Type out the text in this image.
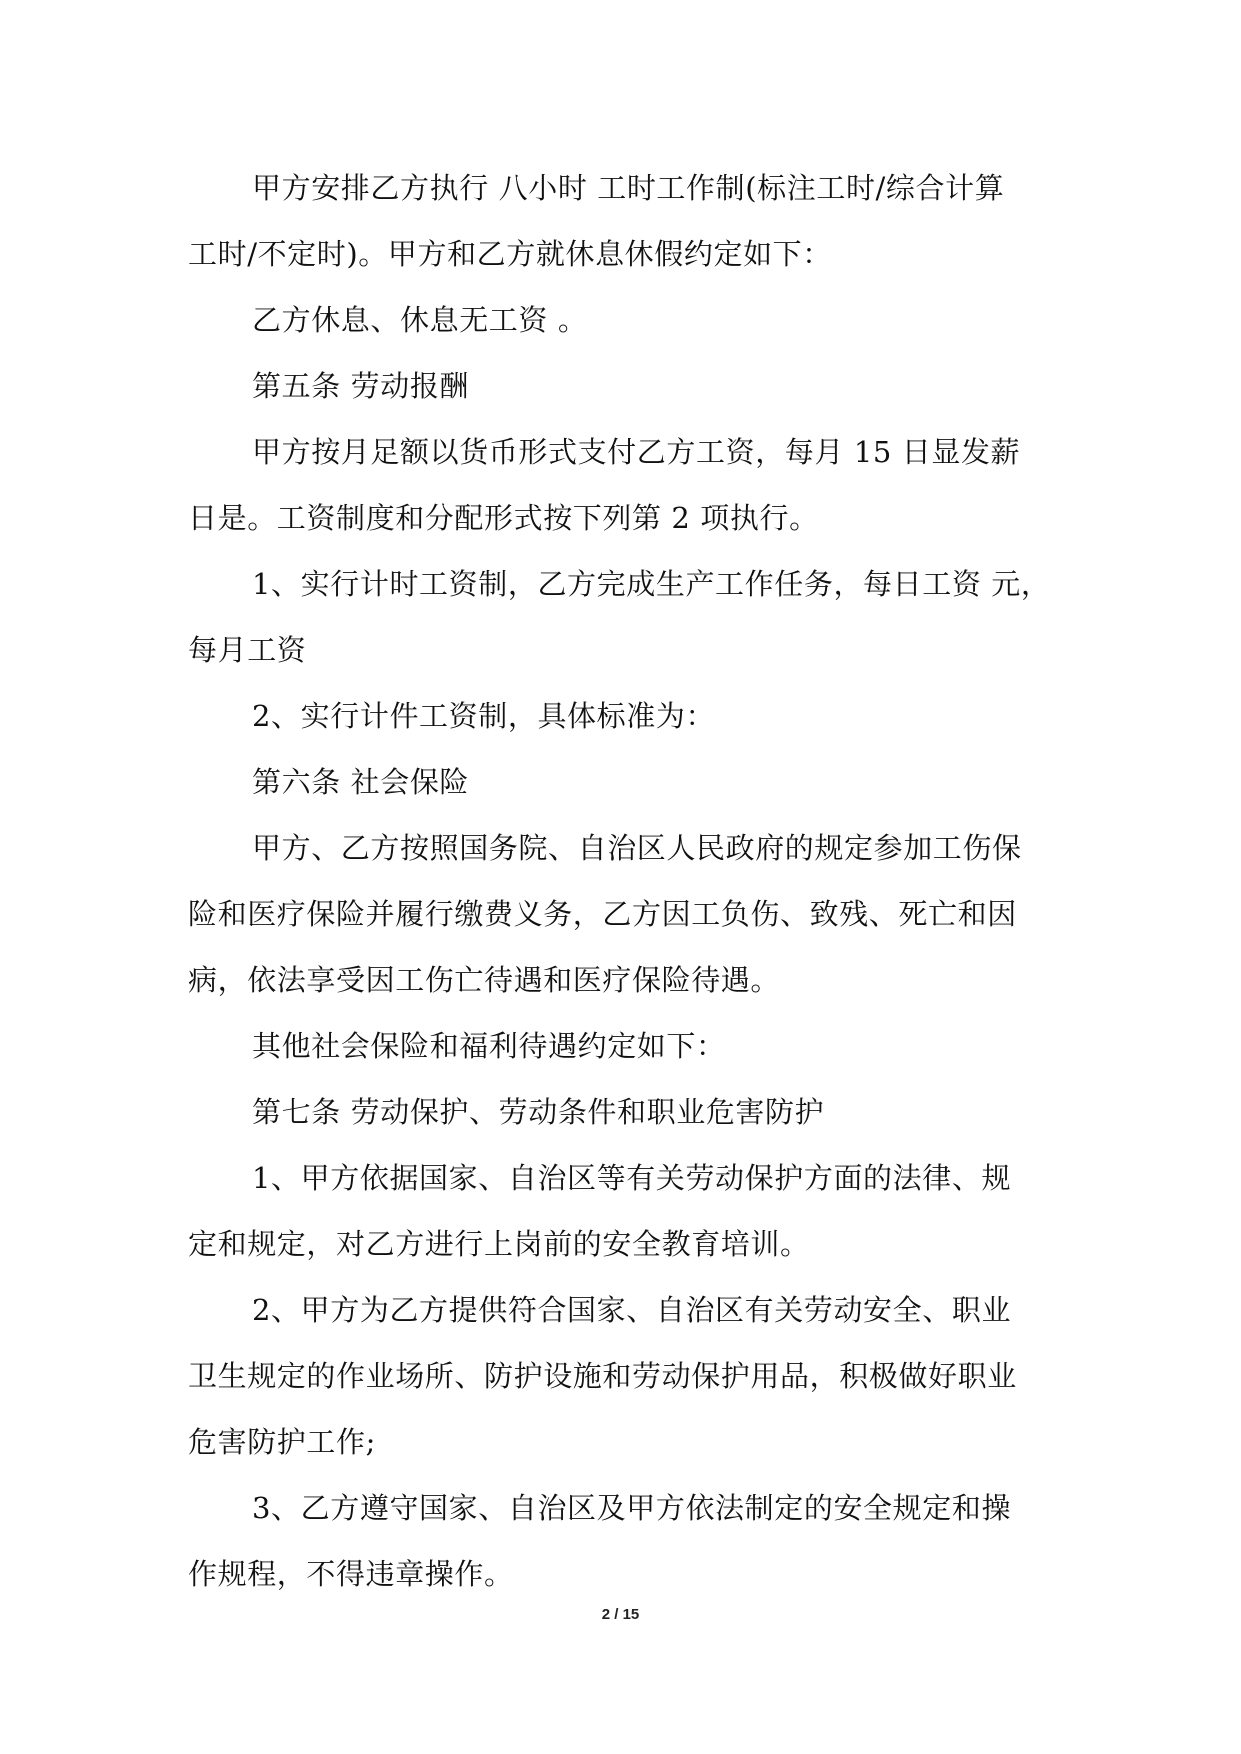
甲方安排乙方执行 八小时 工时工作制(标注工时/综合计算
工时/不定时)。甲方和乙方就休息休假约定如下：
乙方休息、休息无工资 。
第五条 劳动报酬
甲方按月足额以货币形式支付乙方工资，每月 15 日显发薪
日是。工资制度和分配形式按下列第 2 项执行。
1、实行计时工资制，乙方完成生产工作任务，每日工资 元，
每月工资
2、实行计件工资制，具体标准为：
第六条 社会保险
甲方、乙方按照国务院、自治区人民政府的规定参加工伤保
险和医疗保险并履行缴费义务，乙方因工负伤、致残、死亡和因
病，依法享受因工伤亡待遇和医疗保险待遇。
其他社会保险和福利待遇约定如下：
第七条 劳动保护、劳动条件和职业危害防护
1、甲方依据国家、自治区等有关劳动保护方面的法律、规
定和规定，对乙方进行上岗前的安全教育培训。
2、甲方为乙方提供符合国家、自治区有关劳动安全、职业
卫生规定的作业场所、防护设施和劳动保护用品，积极做好职业
危害防护工作;
3、乙方遵守国家、自治区及甲方依法制定的安全规定和操
作规程，不得违章操作。
2 / 15
